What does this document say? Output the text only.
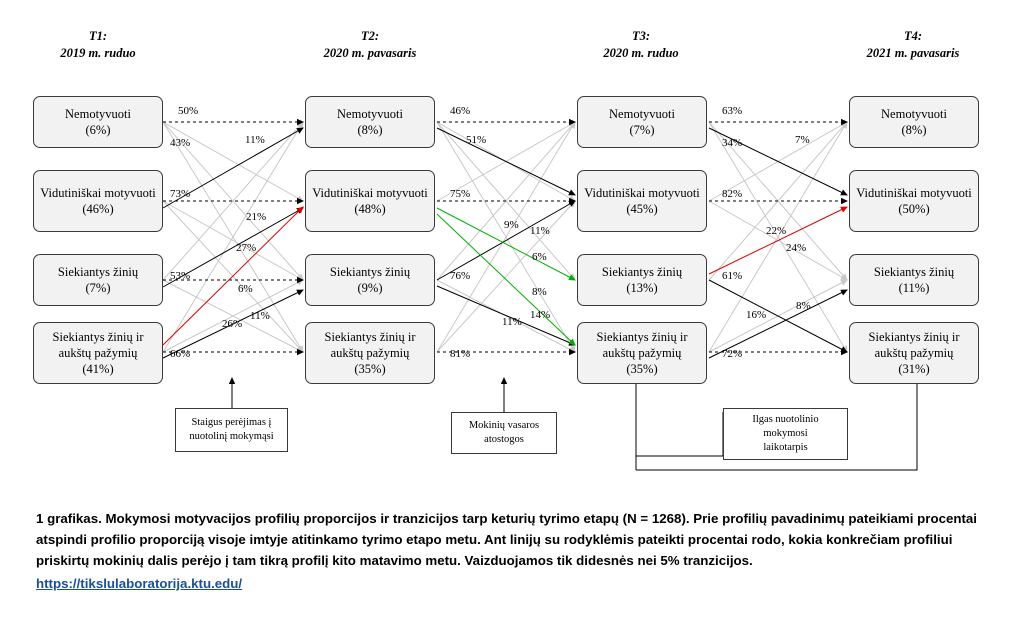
T1:
2019 m. ruduo
T2:
2020 m. pavasaris
T3:
2020 m. ruduo
T4:
2021 m. pavasaris
Nemotyvuoti
(6%)
Vidutiniškai motyvuoti
(46%)
Siekiantys žinių
(7%)
Siekiantys žinių ir aukštų pažymių
(41%)
Nemotyvuoti
(8%)
Vidutiniškai motyvuoti
(48%)
Siekiantys žinių
(9%)
Siekiantys žinių ir aukštų pažymių
(35%)
Nemotyvuoti
(7%)
Vidutiniškai motyvuoti
(45%)
Siekiantys žinių
(13%)
Siekiantys žinių ir aukštų pažymių
(35%)
Nemotyvuoti
(8%)
Vidutiniškai motyvuoti
(50%)
Siekiantys žinių
(11%)
Siekiantys žinių ir aukštų pažymių
(31%)
50%
11%
43%
73%
21%
27%
53%
6%
11%
26%
66%
46%
51%
75%
9% 11%
6%
76%
8%
14%
11%
81%
63%
7%
34%
82%
22%
24%
61%
8%
16%
72%
Staigus perėjimas į
nuotolinį mokymąsi
Mokinių vasaros
atostogos
Ilgas nuotolinio
mokymosi
laikotarpis
1 grafikas. Mokymosi motyvacijos profilių proporcijos ir tranzicijos tarp keturių tyrimo etapų (N = 1268). Prie profilių pavadinimų pateikiami procentai atspindi profilio proporciją visoje imtyje atitinkamo tyrimo etapo metu. Ant linijų su rodyklėmis pateikti procentai rodo, kokia konkrečiam profiliui priskirtų mokinių dalis perėjo į tam tikrą profilį kito matavimo metu. Vaizduojamos tik didesnės nei 5% tranzicijos.
https://tikslulaboratorija.ktu.edu/
